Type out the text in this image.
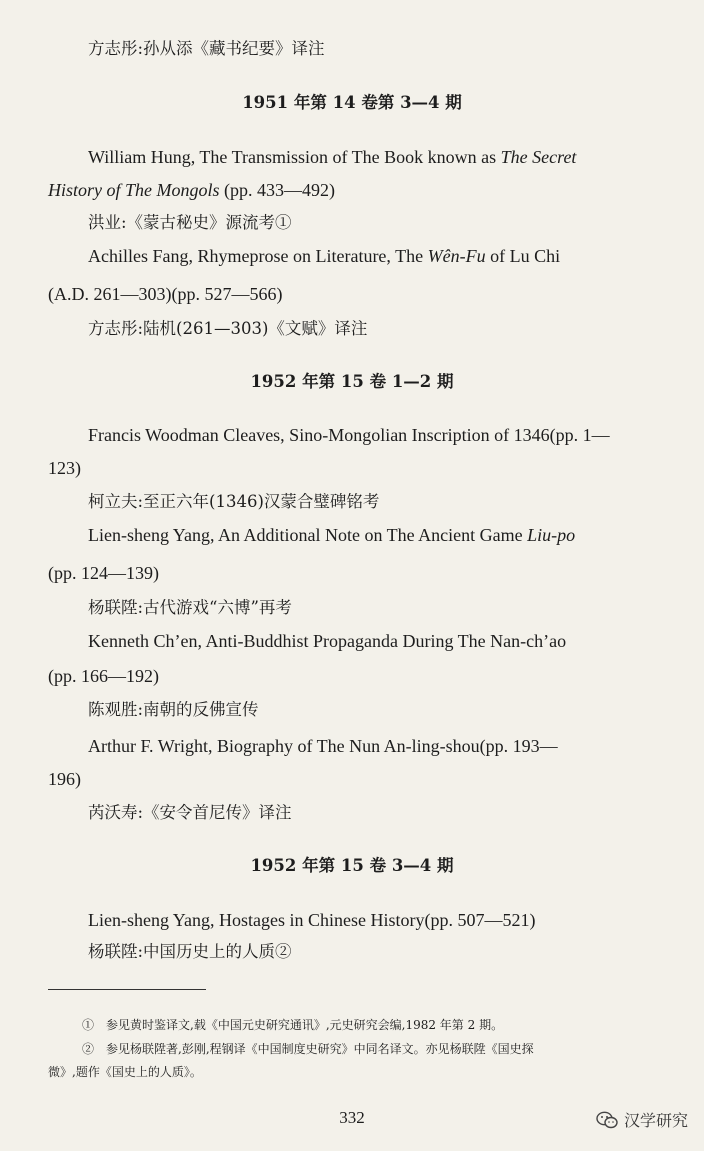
方志彤:孙从添《藏书纪要》译注
1951 年第 14 卷第 3—4 期
William Hung, The Transmission of The Book known as The Secret
History of The Mongols (pp. 433—492)
洪业:《蒙古秘史》源流考①
Achilles Fang, Rhymeprose on Literature, The Wên-Fu of Lu Chi
(A.D. 261—303)(pp. 527—566)
方志彤:陆机(261—303)《文赋》译注
1952 年第 15 卷 1—2 期
Francis Woodman Cleaves, Sino-Mongolian Inscription of 1346(pp. 1—
123)
柯立夫:至正六年(1346)汉蒙合璧碑铭考
Lien-sheng Yang, An Additional Note on The Ancient Game Liu-po
(pp. 124—139)
杨联陞:古代游戏“六博”再考
Kenneth Ch’en, Anti-Buddhist Propaganda During The Nan-ch’ao
(pp. 166—192)
陈观胜:南朝的反佛宣传
Arthur F. Wright, Biography of The Nun An-ling-shou(pp. 193—
196)
芮沃寿:《安令首尼传》译注
1952 年第 15 卷 3—4 期
Lien-sheng Yang, Hostages in Chinese History(pp. 507—521)
杨联陞:中国历史上的人质②
①　参见黄时鉴译文,载《中国元史研究通讯》,元史研究会编,1982 年第 2 期。
②　参见杨联陞著,彭刚,程钢译《中国制度史研究》中同名译文。亦见杨联陞《国史探
微》,题作《国史上的人质》。
332	汉学研究
